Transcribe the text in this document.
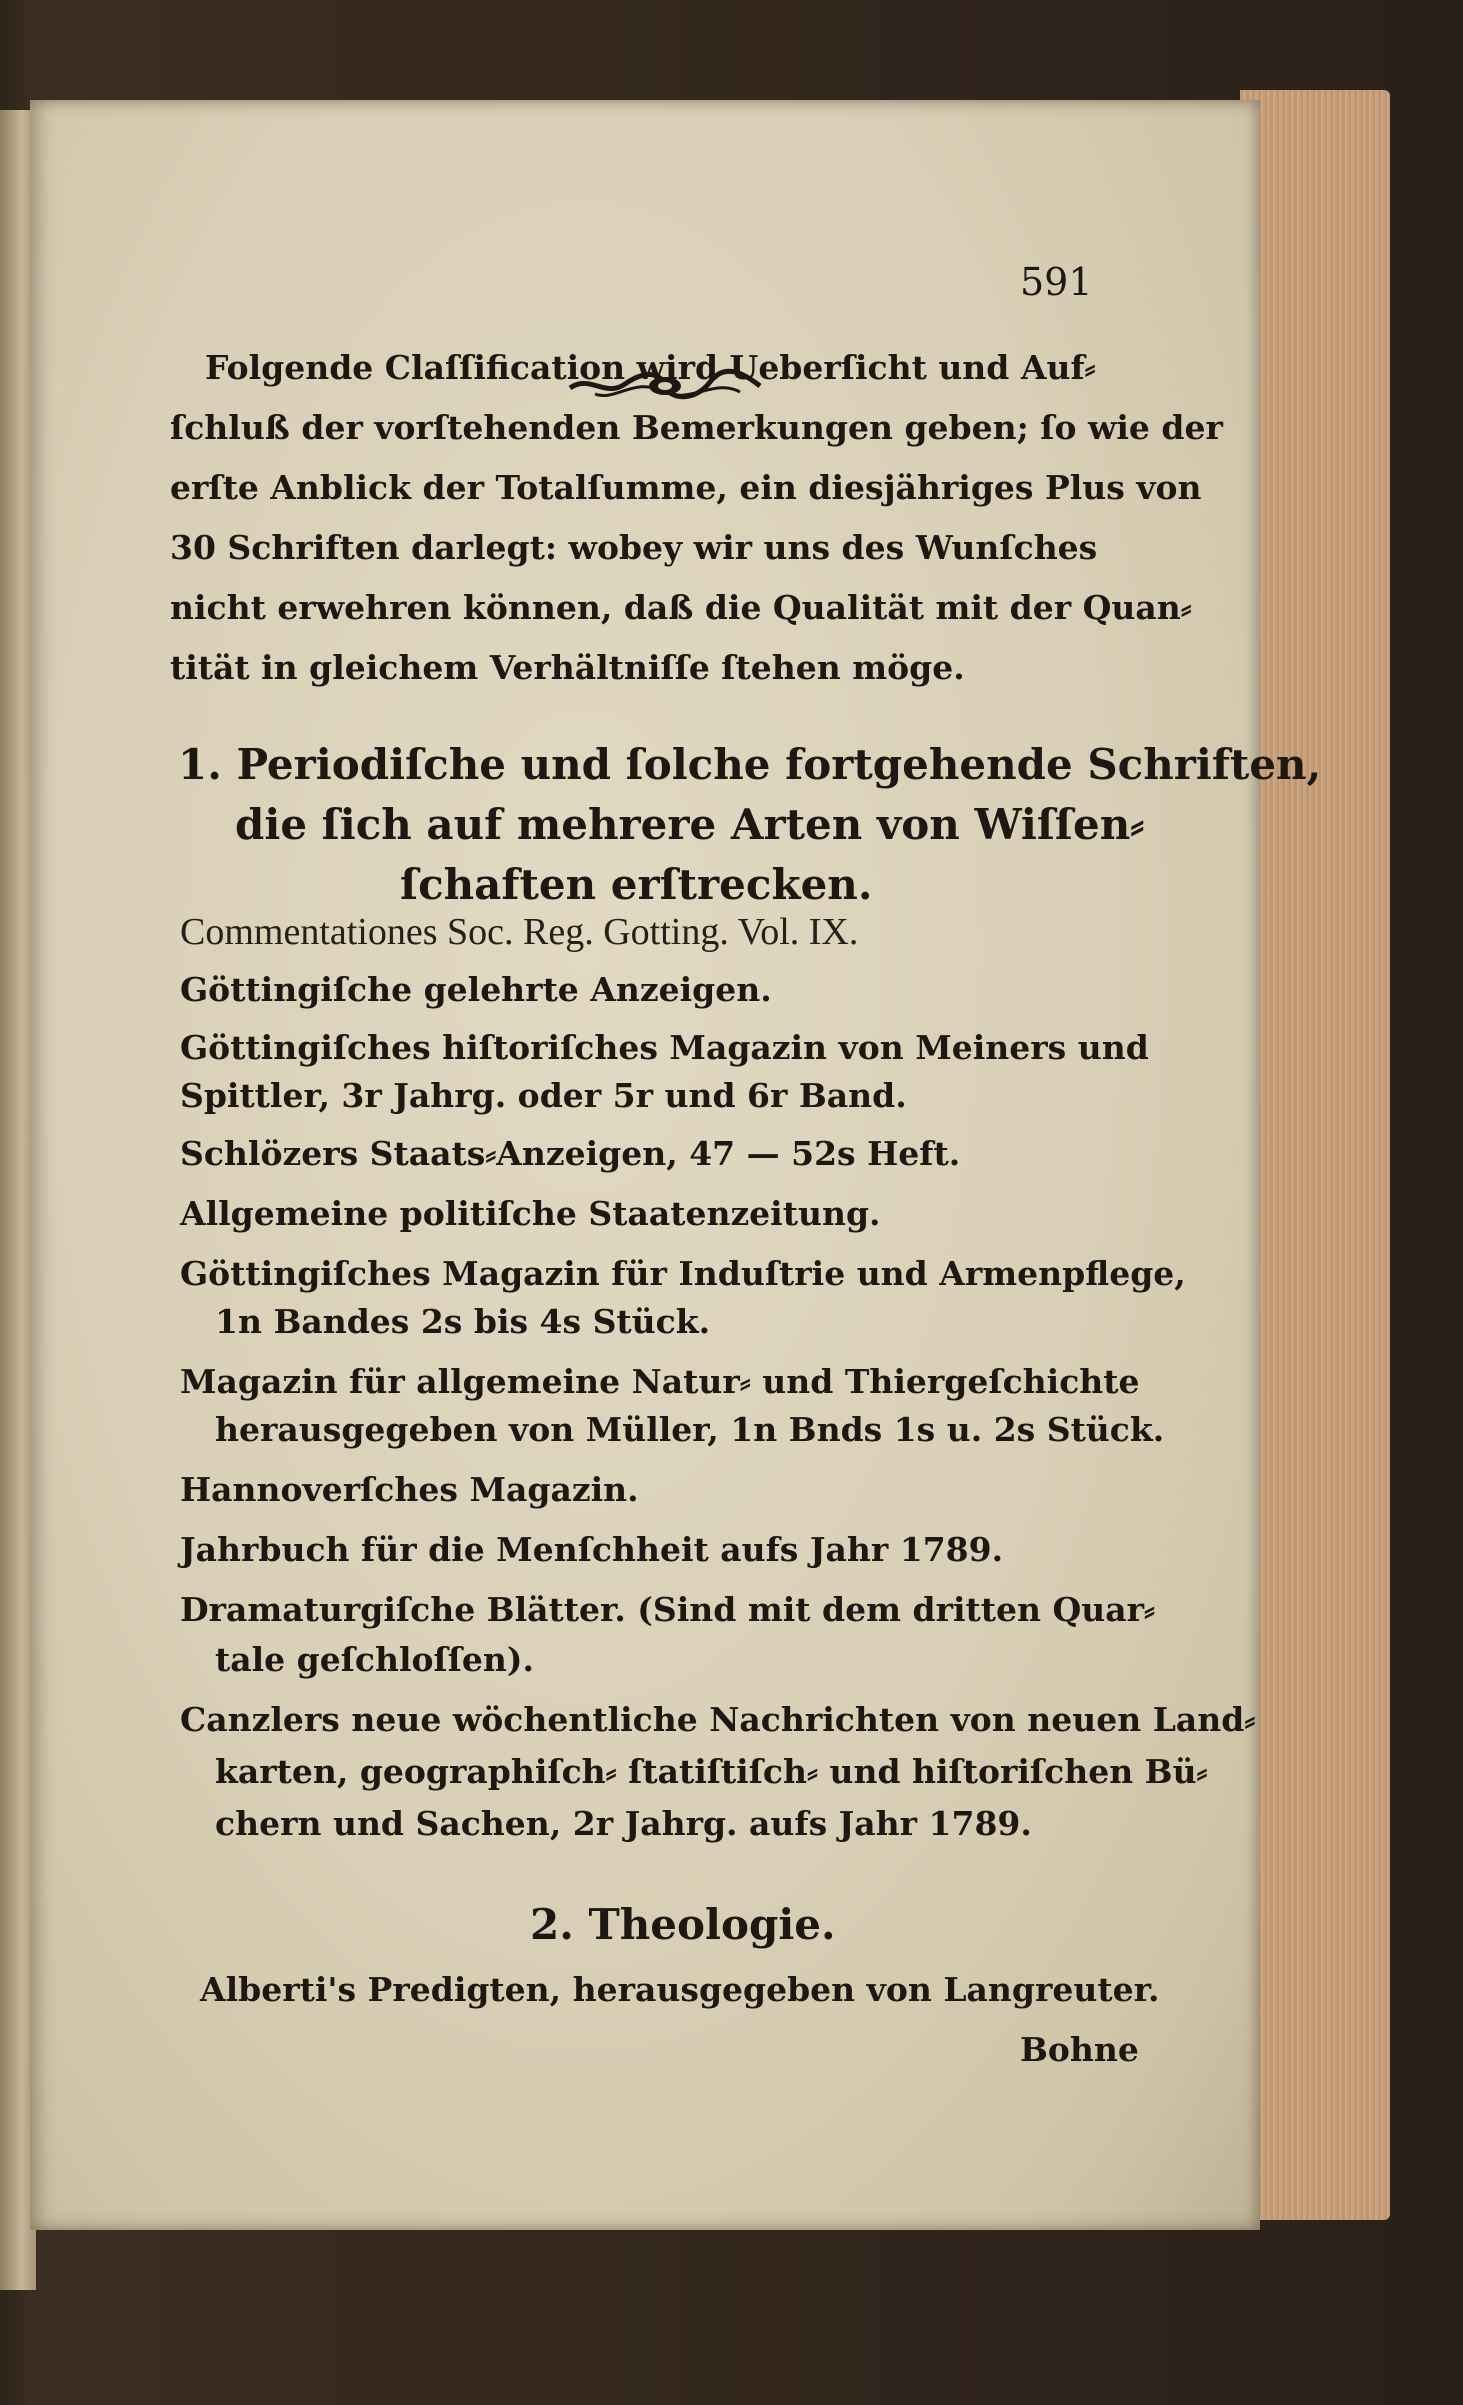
591
Folgende Claſſification wird Ueberſicht und Auf⸗
ſchluß der vorſtehenden Bemerkungen geben; ſo wie der
erſte Anblick der Totalſumme, ein diesjähriges Plus von
30 Schriften darlegt: wobey wir uns des Wunſches
nicht erwehren können, daß die Qualität mit der Quan⸗
tität in gleichem Verhältniſſe ſtehen möge.
1. Periodiſche und ſolche fortgehende Schriften,
die ſich auf mehrere Arten von Wiſſen⸗
ſchaften erſtrecken.
Commentationes Soc. Reg. Gotting. Vol. IX.
Göttingiſche gelehrte Anzeigen.
Göttingiſches hiſtoriſches Magazin von Meiners und
Spittler, 3r Jahrg. oder 5r und 6r Band.
Schlözers Staats⸗Anzeigen, 47 — 52s Heft.
Allgemeine politiſche Staatenzeitung.
Göttingiſches Magazin für Induſtrie und Armenpflege,
1n Bandes 2s bis 4s Stück.
Magazin für allgemeine Natur⸗ und Thiergeſchichte
herausgegeben von Müller, 1n Bnds 1s u. 2s Stück.
Hannoverſches Magazin.
Jahrbuch für die Menſchheit aufs Jahr 1789.
Dramaturgiſche Blätter. (Sind mit dem dritten Quar⸗
tale geſchloſſen).
Canzlers neue wöchentliche Nachrichten von neuen Land⸗
karten, geographiſch⸗ ſtatiſtiſch⸗ und hiſtoriſchen Bü⸗
chern und Sachen, 2r Jahrg. aufs Jahr 1789.
2. Theologie.
Alberti's Predigten, herausgegeben von Langreuter.
Bohne
